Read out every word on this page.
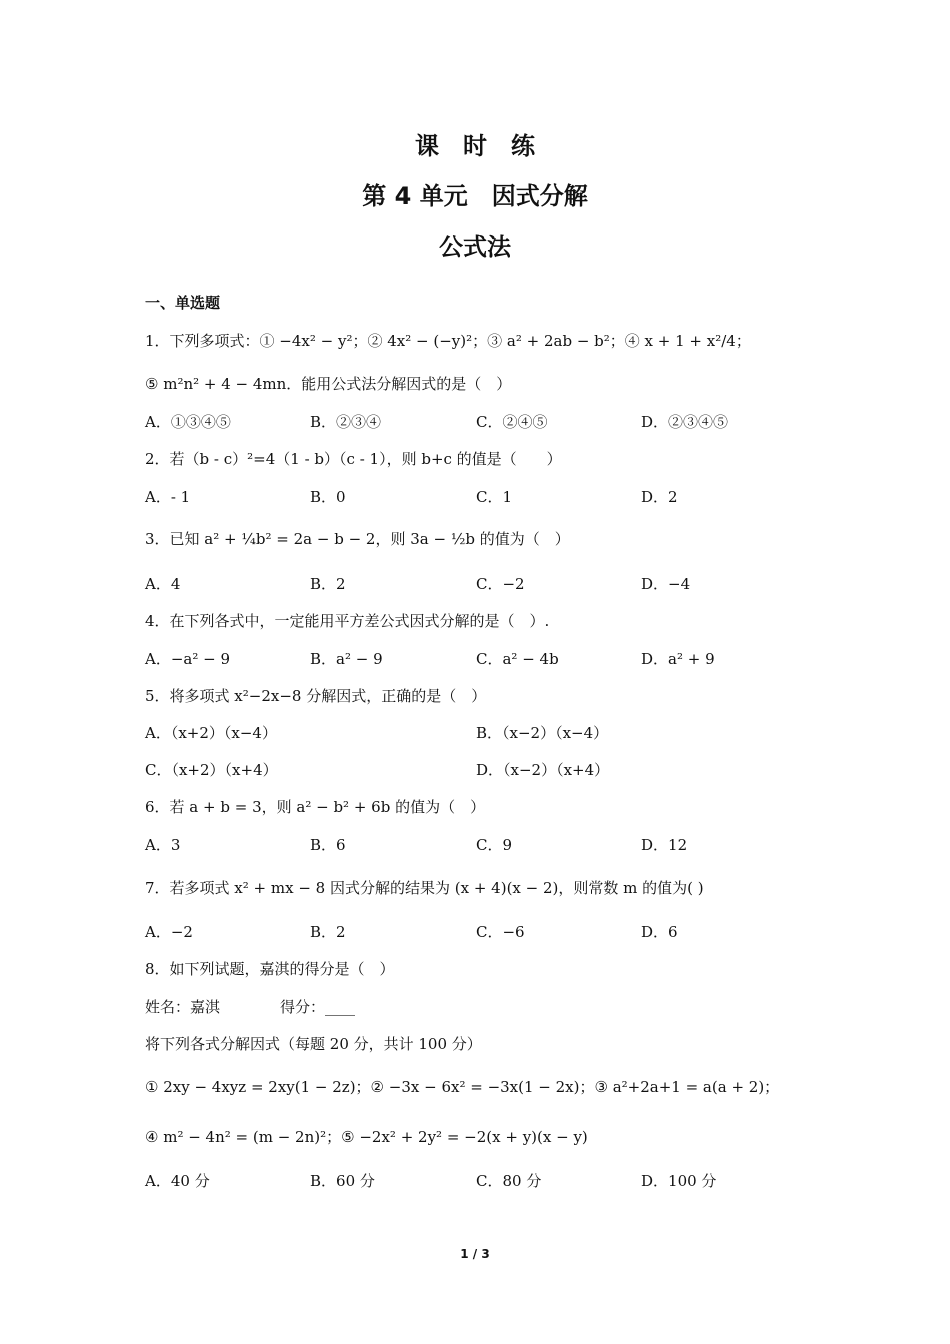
课　时　练
第 4 单元　因式分解
公式法
一、单选题
1．下列多项式：① −4x² − y²；② 4x² − (−y)²；③ a² + 2ab − b²；④ x + 1 + x²/4；
⑤ m²n² + 4 − 4mn．能用公式法分解因式的是（　）
A．①③④⑤	B．②③④	C．②④⑤	D．②③④⑤
2．若（b - c）²=4（1 - b）（c - 1），则 b+c 的值是（　　）
A．- 1	B．0	C．1	D．2
3．已知 a² + ¼b² = 2a − b − 2，则 3a − ½b 的值为（　）
A．4	B．2	C．−2	D．−4
4．在下列各式中，一定能用平方差公式因式分解的是（　）.
A．−a² − 9	B．a² − 9	C．a² − 4b	D．a² + 9
5．将多项式 x²−2x−8 分解因式，正确的是（　）
A．（x+2）（x−4）	B．（x−2）（x−4）
C．（x+2）（x+4）	D．（x−2）（x+4）
6．若 a + b = 3，则 a² − b² + 6b 的值为（　）
A．3	B．6	C．9	D．12
7．若多项式 x² + mx − 8 因式分解的结果为 (x + 4)(x − 2)，则常数 m 的值为( )
A．−2	B．2	C．−6	D．6
8．如下列试题，嘉淇的得分是（　）
姓名：嘉淇　　　　得分：____
将下列各式分解因式（每题 20 分，共计 100 分）
① 2xy − 4xyz = 2xy(1 − 2z)；② −3x − 6x² = −3x(1 − 2x)；③ a²+2a+1 = a(a + 2)；
④ m² − 4n² = (m − 2n)²；⑤ −2x² + 2y² = −2(x + y)(x − y)
A．40 分	B．60 分	C．80 分	D．100 分
1 / 3
